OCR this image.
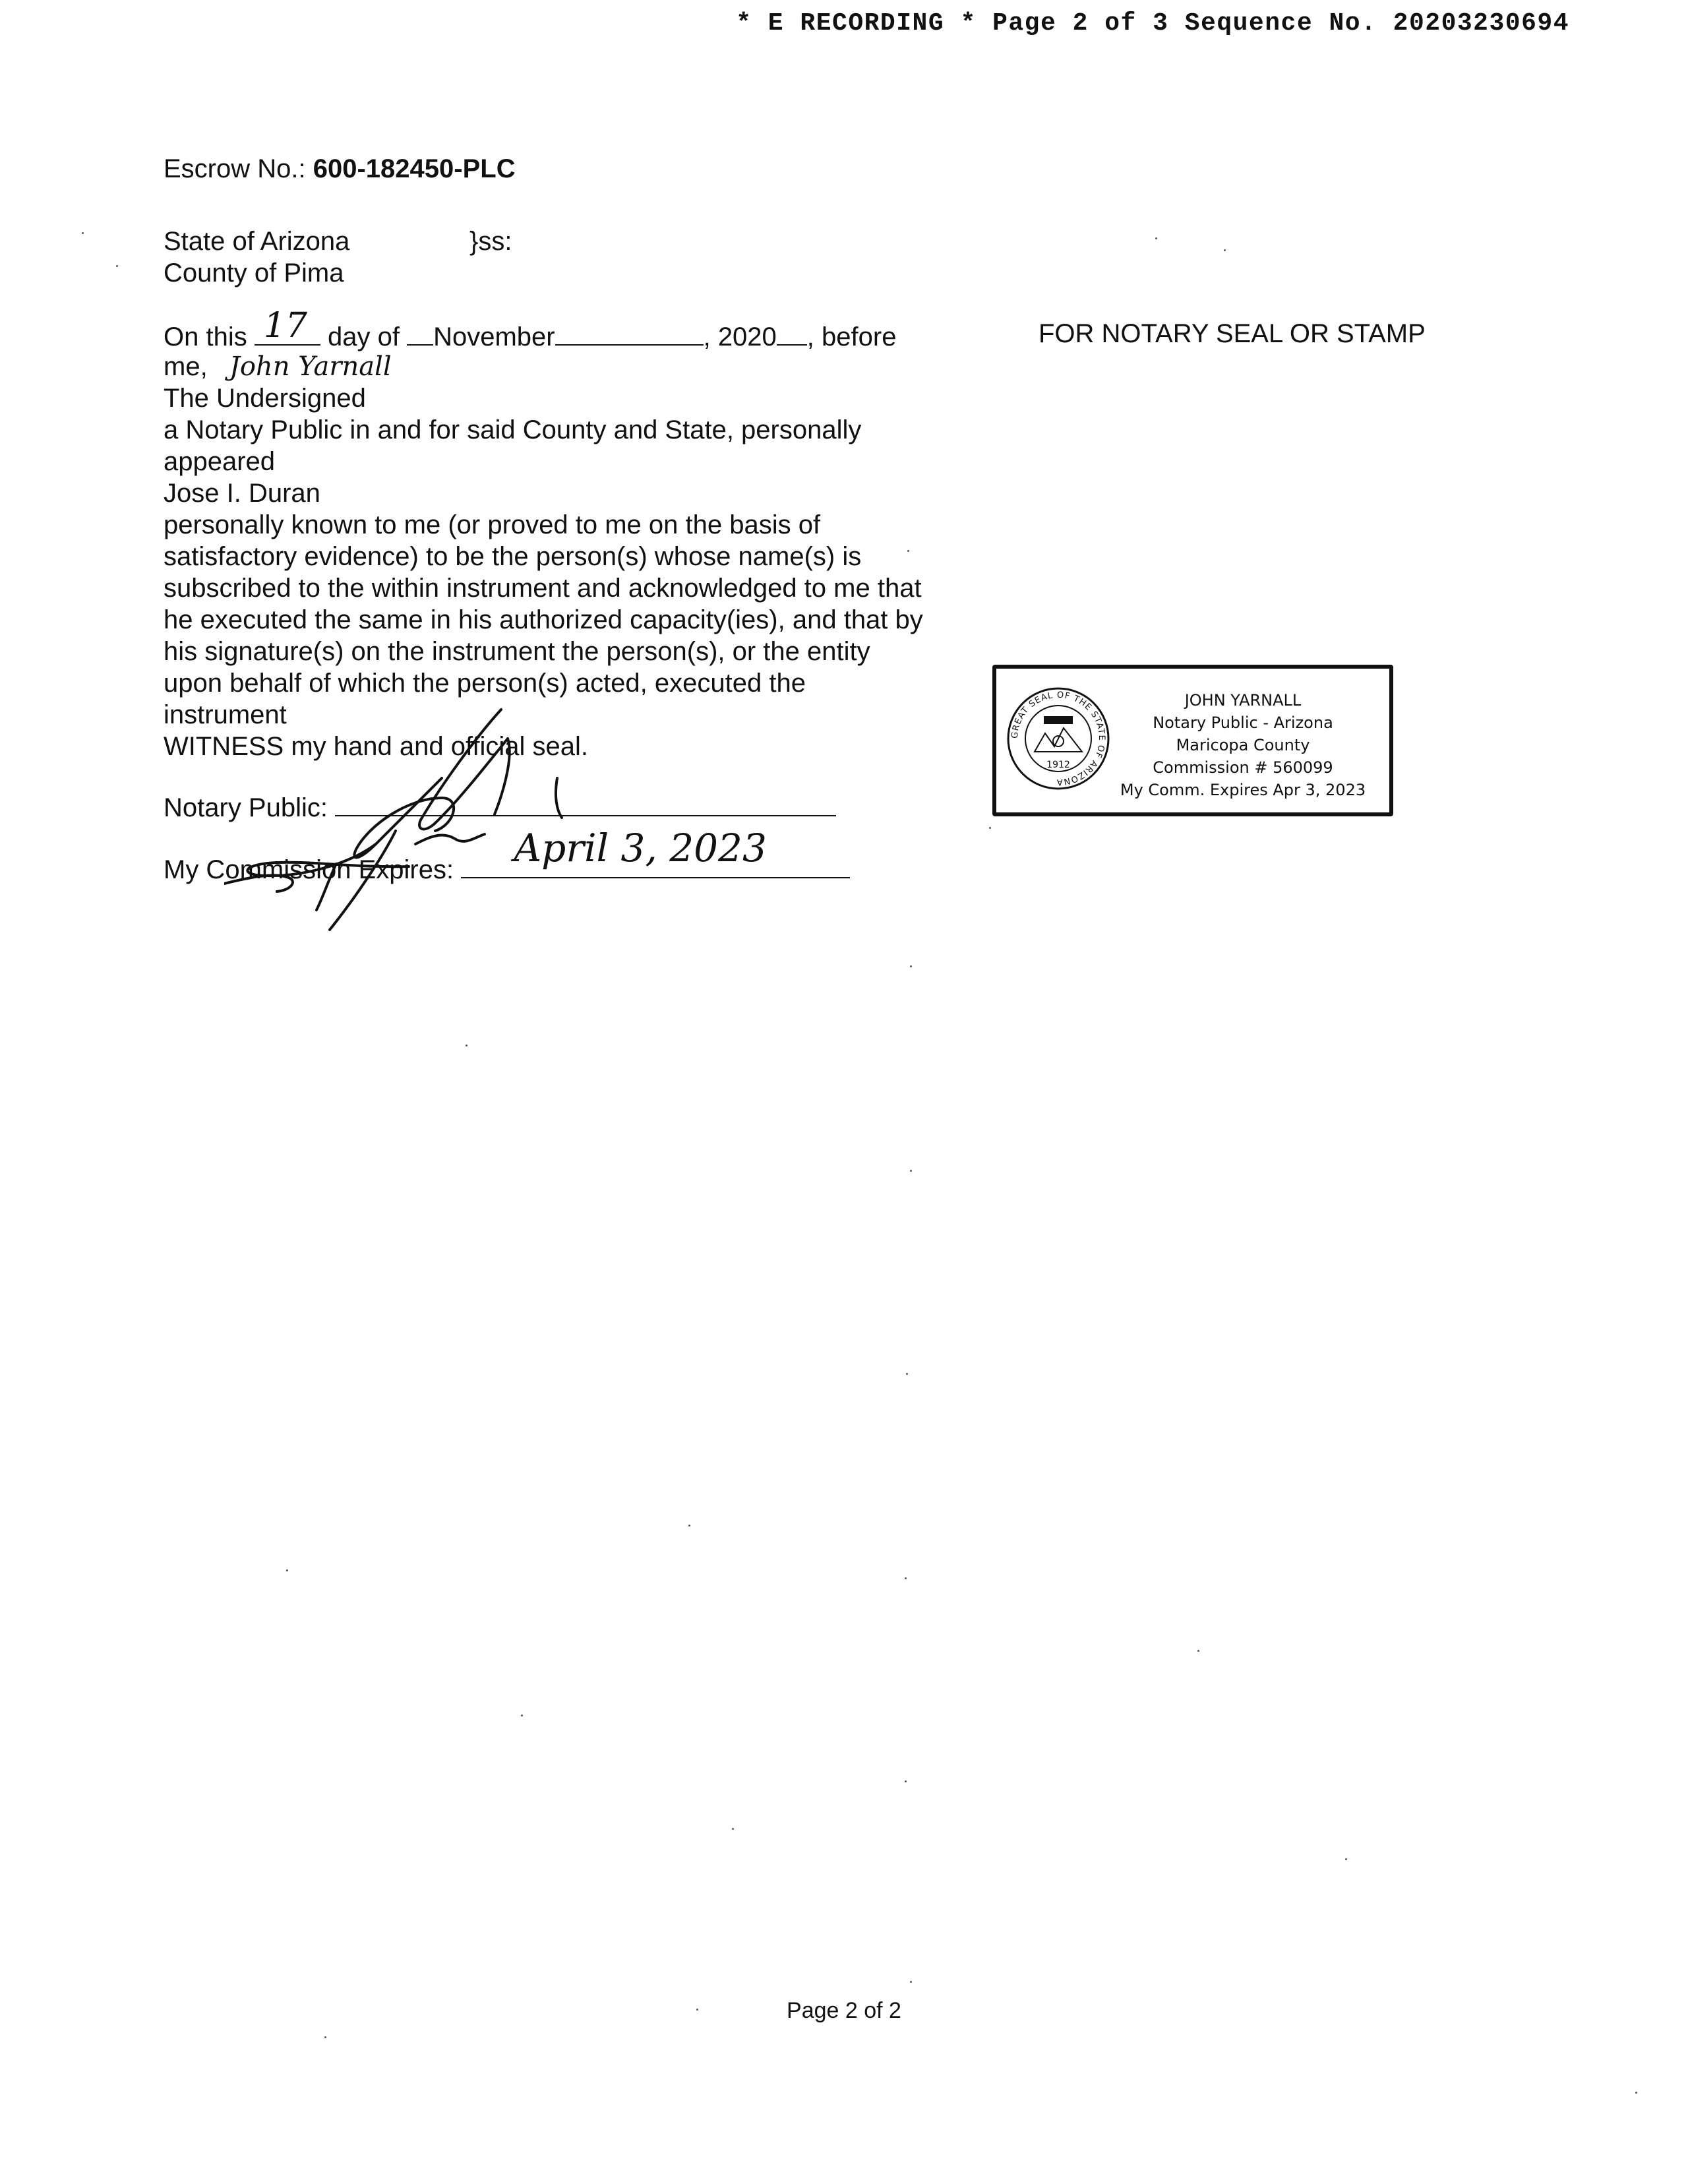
* E RECORDING * Page 2 of 3 Sequence No. 20203230694
Escrow No.: 600-182450-PLC
State of Arizona	}ss:
County of Pima
On this 17 day of November	, 2020 , before
me, John Yarnall
The Undersigned
a Notary Public in and for said County and State, personally
appeared
Jose I. Duran
personally known to me (or proved to me on the basis of
satisfactory evidence) to be the person(s) whose name(s) is
subscribed to the within instrument and acknowledged to me that
he executed the same in his authorized capacity(ies), and that by
his signature(s) on the instrument the person(s), or the entity
upon behalf of which the person(s) acted, executed the
instrument
WITNESS my hand and official seal.
Notary Public:
My Commission Expires: April 3, 2023
FOR NOTARY SEAL OR STAMP
GREAT SEAL OF THE STATE OF ARIZONA
1912
JOHN YARNALL
Notary Public - Arizona
Maricopa County
Commission # 560099
My Comm. Expires Apr 3, 2023
Page 2 of 2
